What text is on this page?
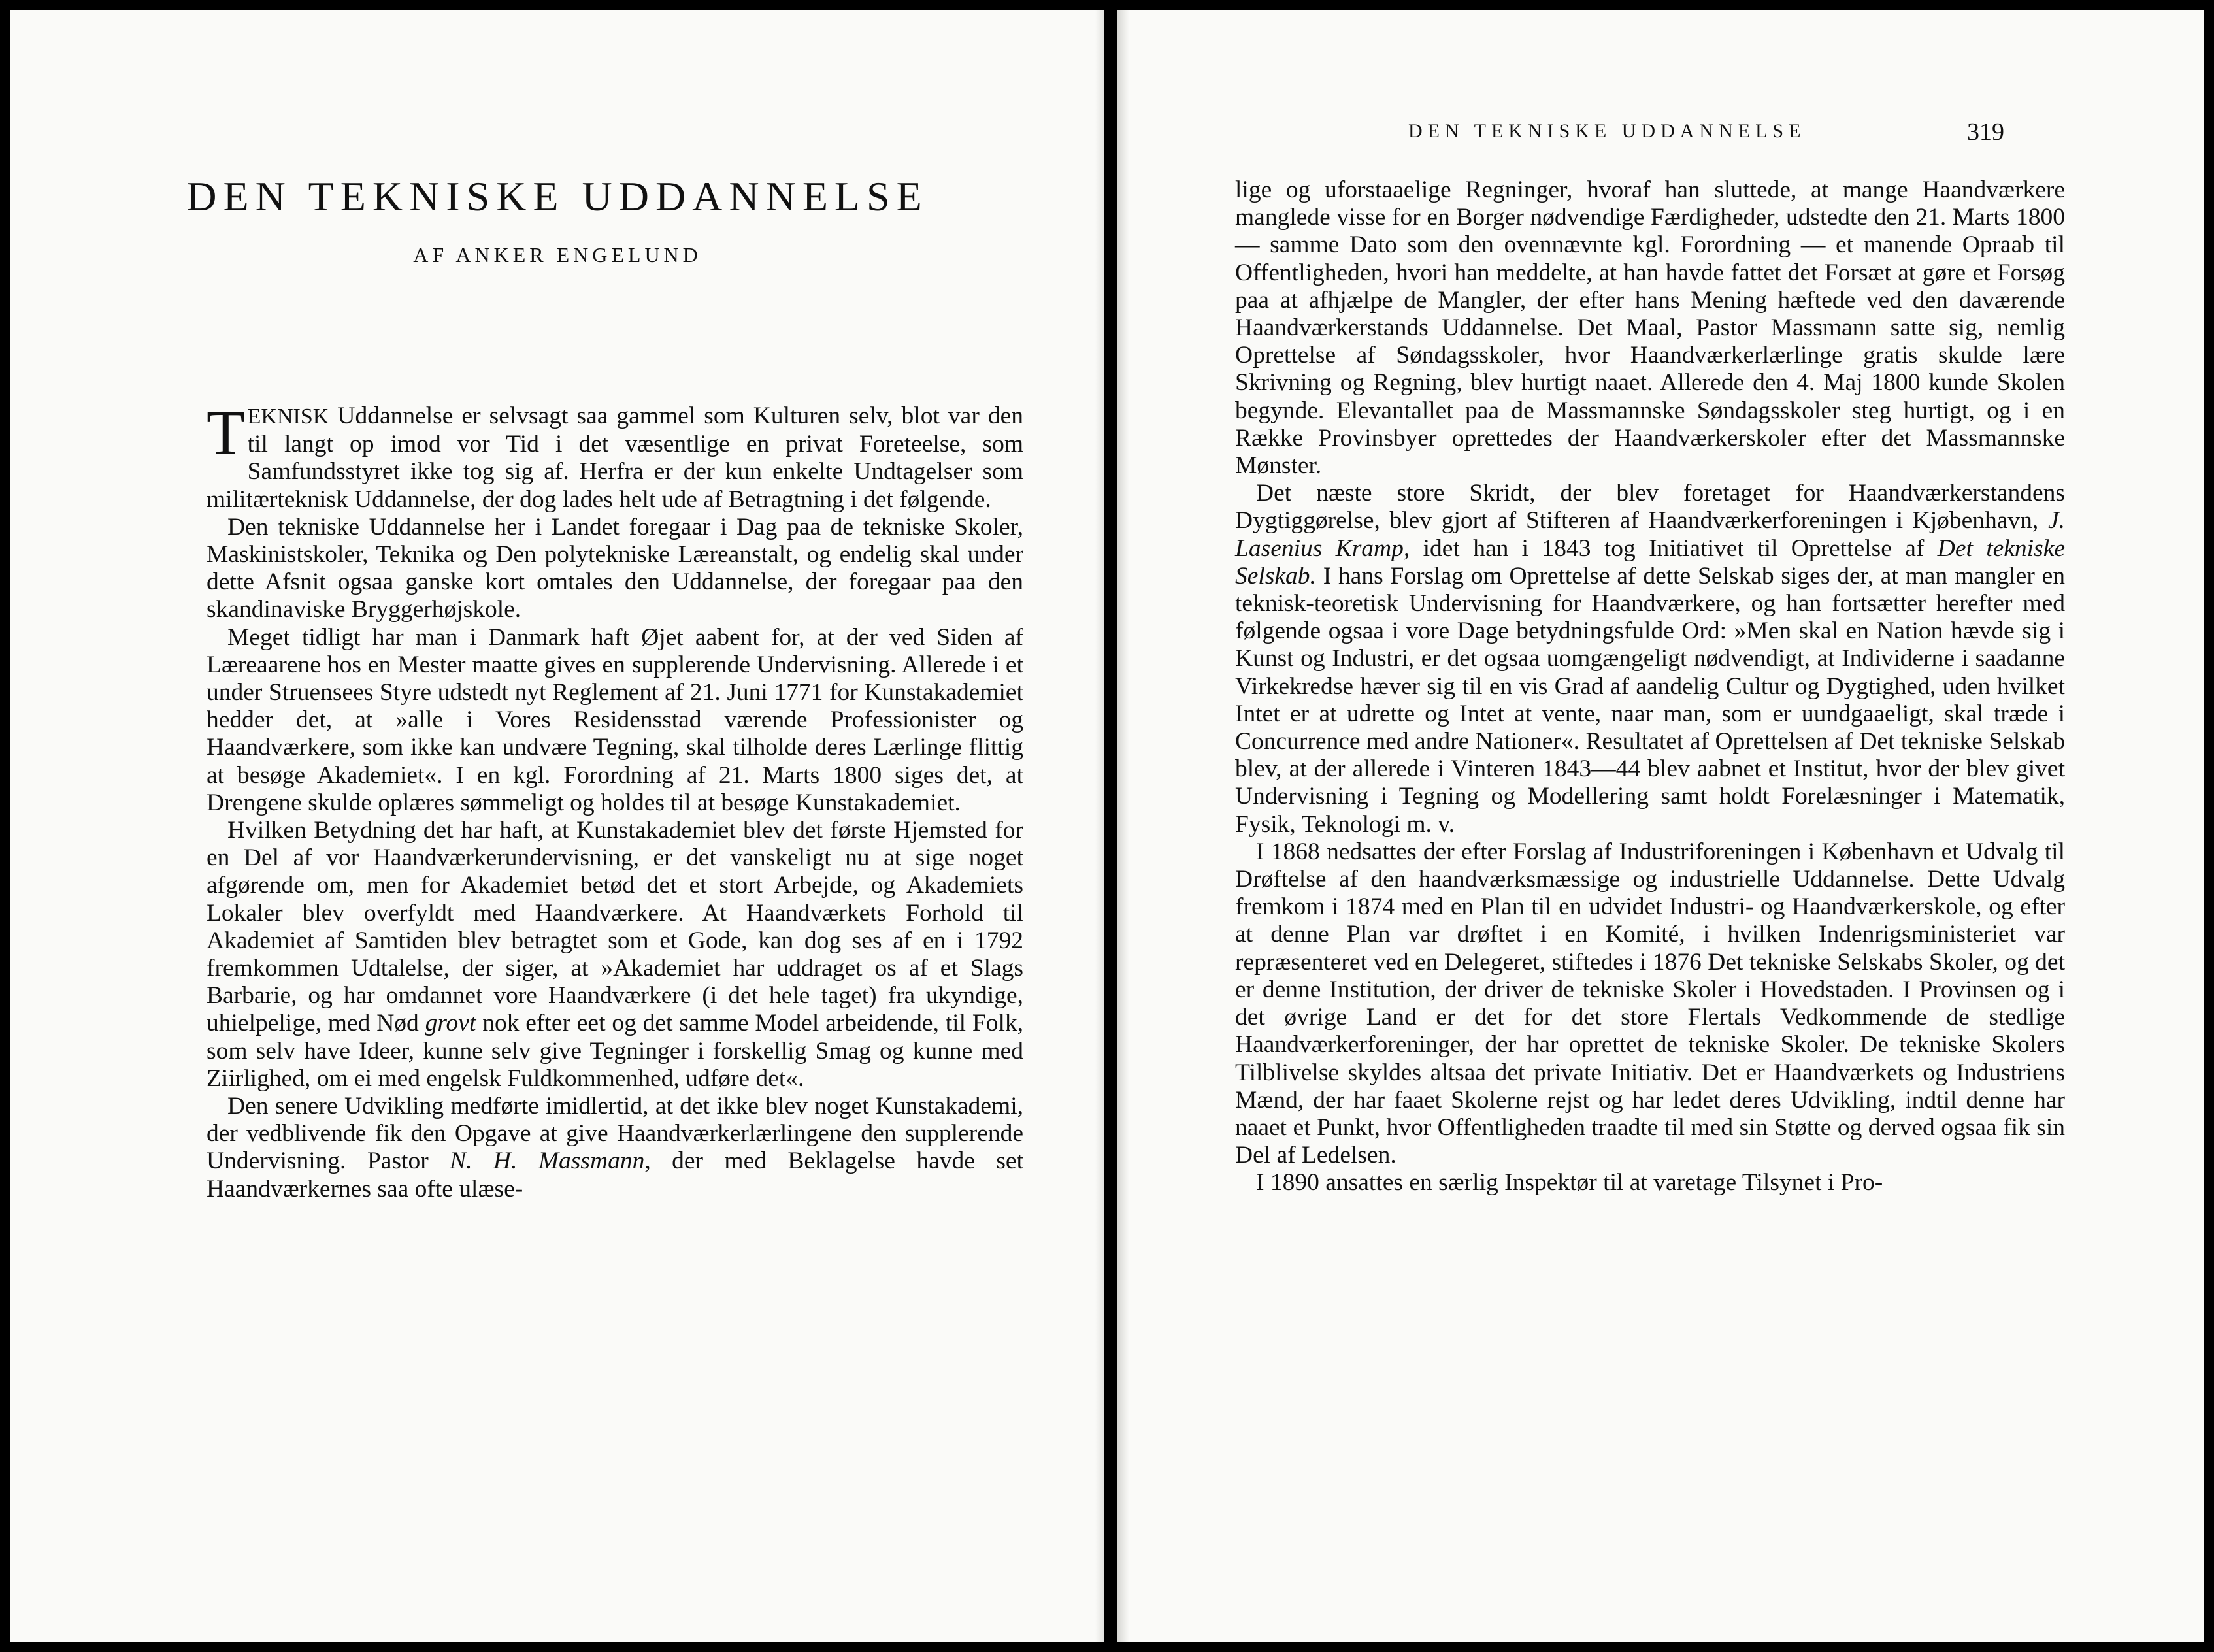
DEN TEKNISKE UDDANNELSE
AF ANKER ENGELUND

TEKNISK Uddannelse er selvsagt saa gammel som Kulturen selv, blot var den til langt op imod vor Tid i det væsentlige en privat Foreteelse, som Samfundsstyret ikke tog sig af. Herfra er der kun enkelte Undtagelser som militærteknisk Uddannelse, der dog lades helt ude af Betragtning i det følgende.

Den tekniske Uddannelse her i Landet foregaar i Dag paa de tekniske Skoler, Maskinistskoler, Teknika og Den polytekniske Læreanstalt, og endelig skal under dette Afsnit ogsaa ganske kort omtales den Uddannelse, der foregaar paa den skandinaviske Bryggerhøjskole.

Meget tidligt har man i Danmark haft Øjet aabent for, at der ved Siden af Læreaarene hos en Mester maatte gives en supplerende Undervisning. Allerede i et under Struensees Styre udstedt nyt Reglement af 21. Juni 1771 for Kunstakademiet hedder det, at »alle i Vores Residensstad værende Professionister og Haandværkere, som ikke kan undvære Tegning, skal tilholde deres Lærlinge flittig at besøge Akademiet«. I en kgl. Forordning af 21. Marts 1800 siges det, at Drengene skulde oplæres sømmeligt og holdes til at besøge Kunstakademiet.

Hvilken Betydning det har haft, at Kunstakademiet blev det første Hjemsted for en Del af vor Haandværkerundervisning, er det vanskeligt nu at sige noget afgørende om, men for Akademiet betød det et stort Arbejde, og Akademiets Lokaler blev overfyldt med Haandværkere. At Haandværkets Forhold til Akademiet af Samtiden blev betragtet som et Gode, kan dog ses af en i 1792 fremkommen Udtalelse, der siger, at »Akademiet har uddraget os af et Slags Barbarie, og har omdannet vore Haandværkere (i det hele taget) fra ukyndige, uhielpelige, med Nød grovt nok efter eet og det samme Model arbeidende, til Folk, som selv have Ideer, kunne selv give Tegninger i forskellig Smag og kunne med Ziirlighed, om ei med engelsk Fuldkommenhed, udføre det«.

Den senere Udvikling medførte imidlertid, at det ikke blev noget Kunstakademi, der vedblivende fik den Opgave at give Haandværkerlærlingene den supplerende Undervisning. Pastor N. H. Massmann, der med Beklagelse havde set Haandværkernes saa ofte ulæse-

DEN TEKNISKE UDDANNELSE	319

lige og uforstaaelige Regninger, hvoraf han sluttede, at mange Haandværkere manglede visse for en Borger nødvendige Færdigheder, udstedte den 21. Marts 1800 — samme Dato som den ovennævnte kgl. Forordning — et manende Opraab til Offentligheden, hvori han meddelte, at han havde fattet det Forsæt at gøre et Forsøg paa at afhjælpe de Mangler, der efter hans Mening hæftede ved den daværende Haandværkerstands Uddannelse. Det Maal, Pastor Massmann satte sig, nemlig Oprettelse af Søndagsskoler, hvor Haandværkerlærlinge gratis skulde lære Skrivning og Regning, blev hurtigt naaet. Allerede den 4. Maj 1800 kunde Skolen begynde. Elevantallet paa de Massmannske Søndagsskoler steg hurtigt, og i en Række Provinsbyer oprettedes der Haandværkerskoler efter det Massmannske Mønster.

Det næste store Skridt, der blev foretaget for Haandværkerstandens Dygtiggørelse, blev gjort af Stifteren af Haandværkerforeningen i Kjøbenhavn, J. Lasenius Kramp, idet han i 1843 tog Initiativet til Oprettelse af Det tekniske Selskab. I hans Forslag om Oprettelse af dette Selskab siges der, at man mangler en teknisk-teoretisk Undervisning for Haandværkere, og han fortsætter herefter med følgende ogsaa i vore Dage betydningsfulde Ord: »Men skal en Nation hævde sig i Kunst og Industri, er det ogsaa uomgængeligt nødvendigt, at Individerne i saadanne Virkekredse hæver sig til en vis Grad af aandelig Cultur og Dygtighed, uden hvilket Intet er at udrette og Intet at vente, naar man, som er uundgaaeligt, skal træde i Concurrence med andre Nationer«. Resultatet af Oprettelsen af Det tekniske Selskab blev, at der allerede i Vinteren 1843—44 blev aabnet et Institut, hvor der blev givet Undervisning i Tegning og Modellering samt holdt Forelæsninger i Matematik, Fysik, Teknologi m. v.

I 1868 nedsattes der efter Forslag af Industriforeningen i København et Udvalg til Drøftelse af den haandværksmæssige og industrielle Uddannelse. Dette Udvalg fremkom i 1874 med en Plan til en udvidet Industri- og Haandværkerskole, og efter at denne Plan var drøftet i en Komité, i hvilken Indenrigsministeriet var repræsenteret ved en Delegeret, stiftedes i 1876 Det tekniske Selskabs Skoler, og det er denne Institution, der driver de tekniske Skoler i Hovedstaden. I Provinsen og i det øvrige Land er det for det store Flertals Vedkommende de stedlige Haandværkerforeninger, der har oprettet de tekniske Skoler. De tekniske Skolers Tilblivelse skyldes altsaa det private Initiativ. Det er Haandværkets og Industriens Mænd, der har faaet Skolerne rejst og har ledet deres Udvikling, indtil denne har naaet et Punkt, hvor Offentligheden traadte til med sin Støtte og derved ogsaa fik sin Del af Ledelsen.

I 1890 ansattes en særlig Inspektør til at varetage Tilsynet i Pro-
